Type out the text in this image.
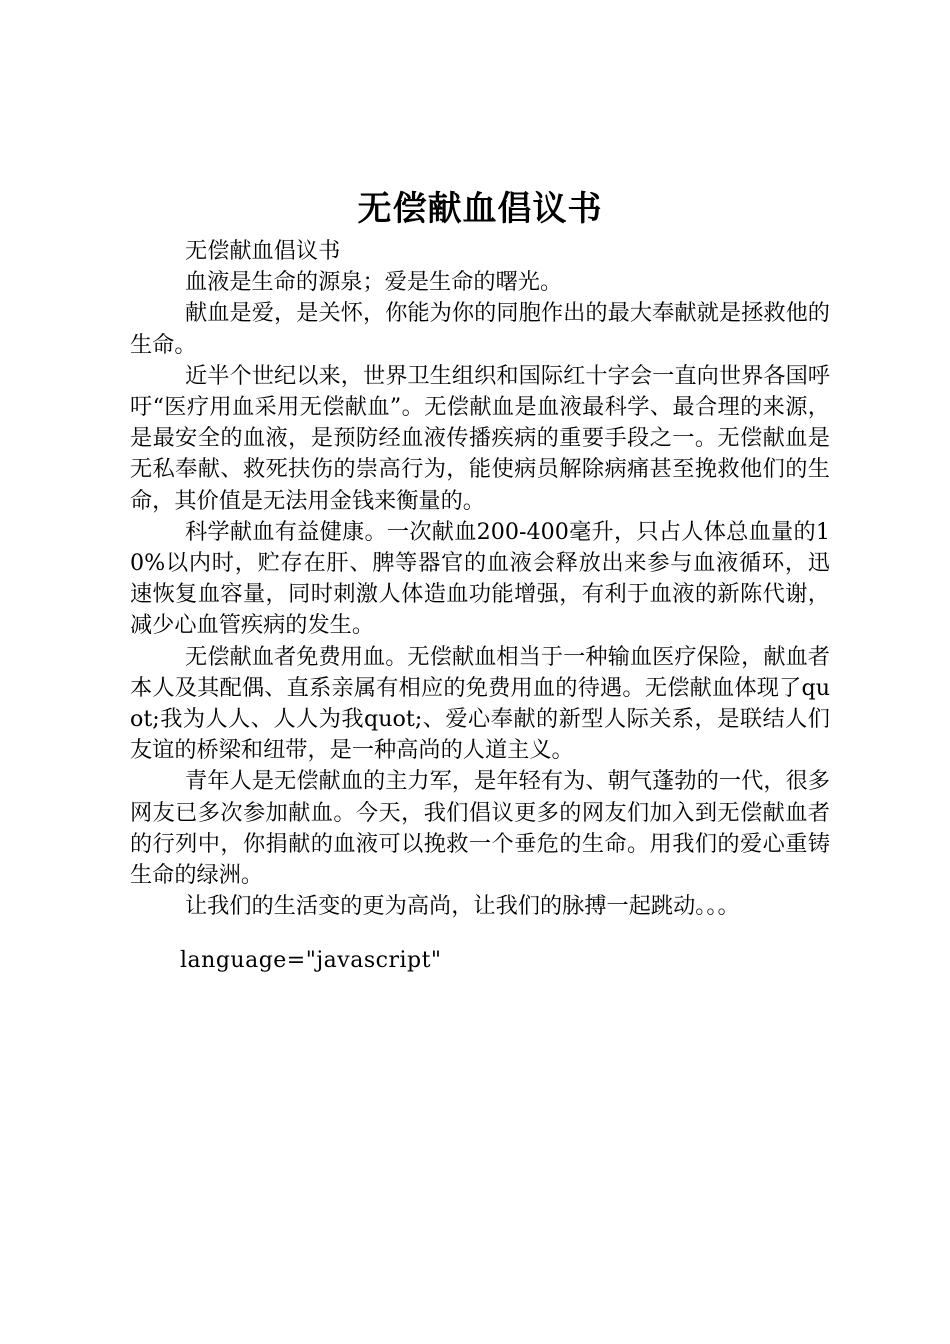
无偿献血倡议书

无偿献血倡议书

血液是生命的源泉；爱是生命的曙光。

献血是爱，是关怀，你能为你的同胞作出的最大奉献就是拯救他的生命。

近半个世纪以来，世界卫生组织和国际红十字会一直向世界各国呼吁“医疗用血采用无偿献血”。无偿献血是血液最科学、最合理的来源，是最安全的血液，是预防经血液传播疾病的重要手段之一。无偿献血是无私奉献、救死扶伤的崇高行为，能使病员解除病痛甚至挽救他们的生命，其价值是无法用金钱来衡量的。

科学献血有益健康。一次献血200-400毫升，只占人体总血量的10%以内时，贮存在肝、脾等器官的血液会释放出来参与血液循环，迅速恢复血容量，同时刺激人体造血功能增强，有利于血液的新陈代谢，减少心血管疾病的发生。

无偿献血者免费用血。无偿献血相当于一种输血医疗保险，献血者本人及其配偶、直系亲属有相应的免费用血的待遇。无偿献血体现了quot;我为人人、人人为我quot;、爱心奉献的新型人际关系，是联结人们友谊的桥梁和纽带，是一种高尚的人道主义。

青年人是无偿献血的主力军，是年轻有为、朝气蓬勃的一代，很多网友已多次参加献血。今天，我们倡议更多的网友们加入到无偿献血者的行列中，你捐献的血液可以挽救一个垂危的生命。用我们的爱心重铸生命的绿洲。

让我们的生活变的更为高尚，让我们的脉搏一起跳动。。。

language="javascript"
